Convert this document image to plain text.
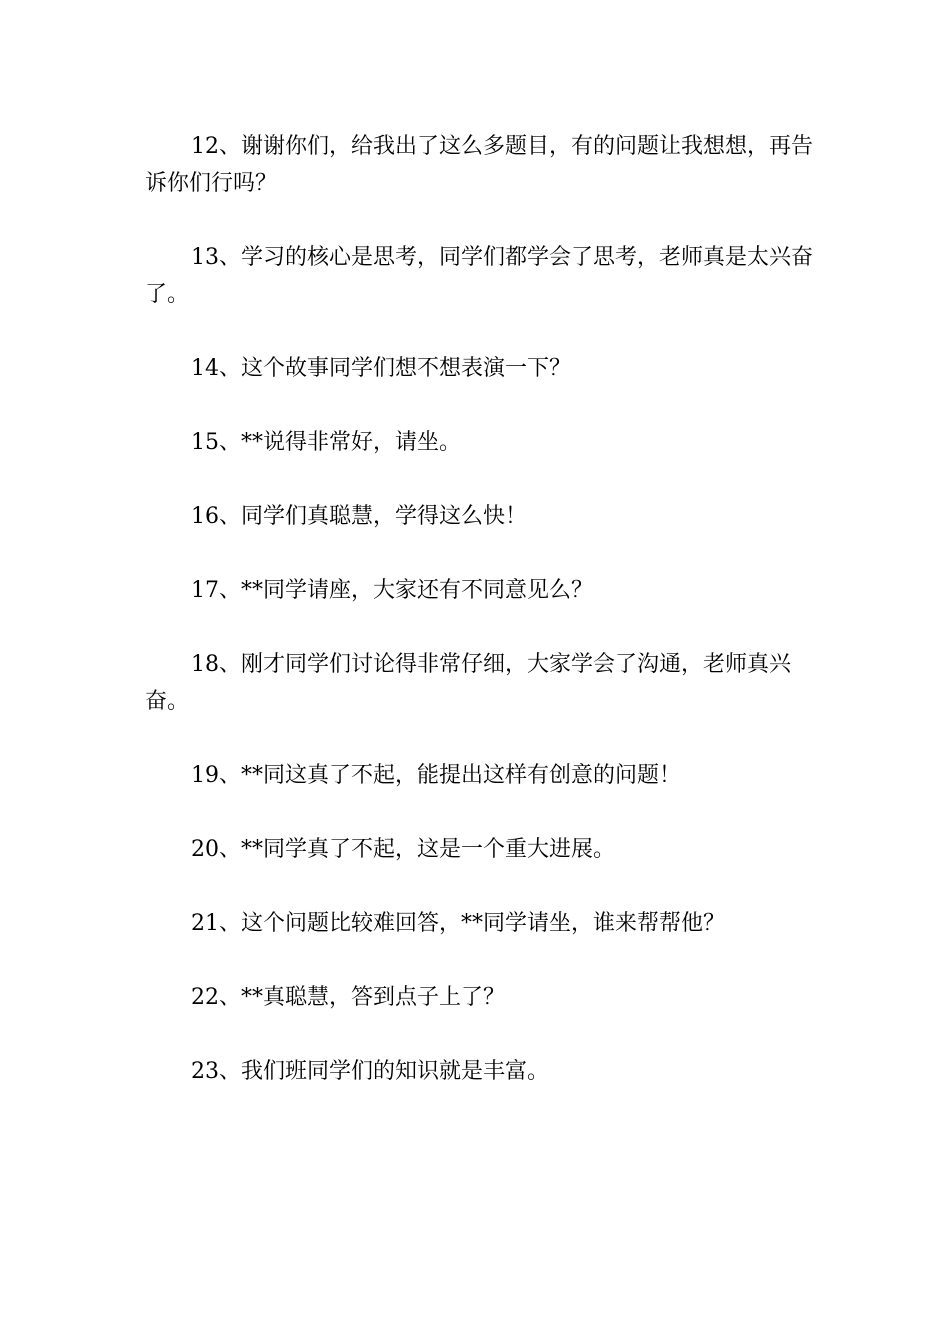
12、谢谢你们，给我出了这么多题目，有的问题让我想想，再告诉你们行吗？

13、学习的核心是思考，同学们都学会了思考，老师真是太兴奋了。

14、这个故事同学们想不想表演一下？

15、**说得非常好，请坐。

16、同学们真聪慧，学得这么快！

17、**同学请座，大家还有不同意见么？

18、刚才同学们讨论得非常仔细，大家学会了沟通，老师真兴奋。

19、**同这真了不起，能提出这样有创意的问题！

20、**同学真了不起，这是一个重大进展。

21、这个问题比较难回答，**同学请坐，谁来帮帮他？

22、**真聪慧，答到点子上了？

23、我们班同学们的知识就是丰富。
